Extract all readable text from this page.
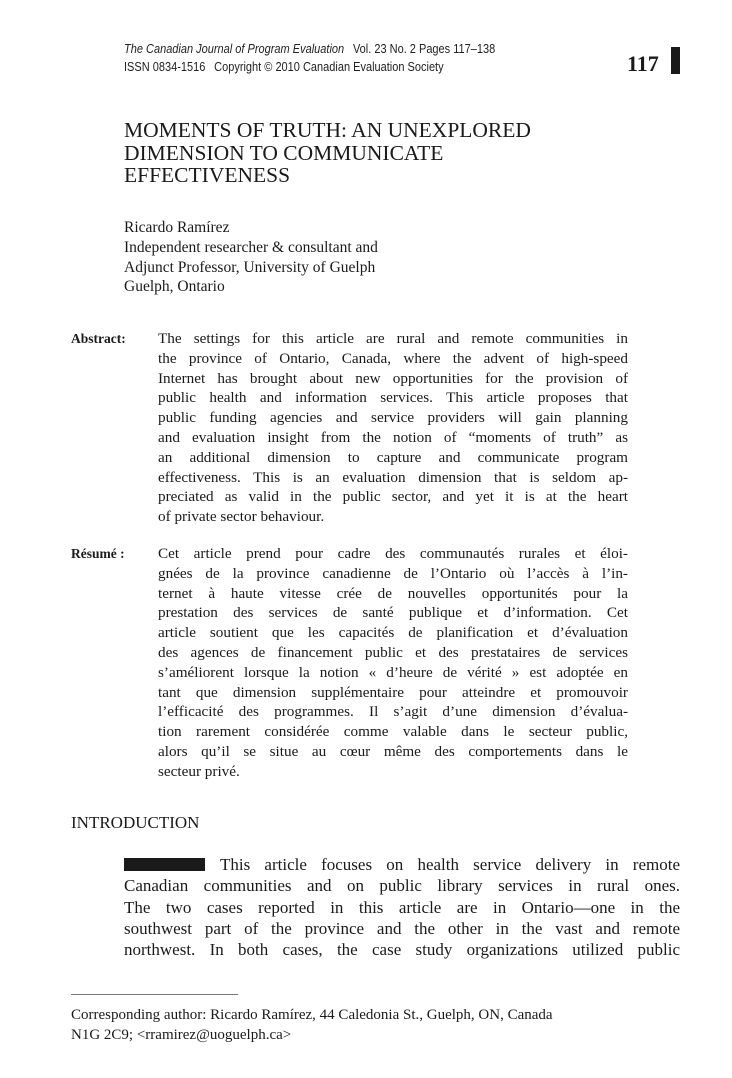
The Canadian Journal of Program Evaluation Vol. 23 No. 2 Pages 117–138
ISSN 0834-1516 Copyright © 2010 Canadian Evaluation Society	117
MOMENTS OF TRUTH: AN UNEXPLORED
DIMENSION TO COMMUNICATE
EFFECTIVENESS
Ricardo Ramírez
Independent researcher & consultant and
Adjunct Professor, University of Guelph
Guelph, Ontario
Abstract: The settings for this article are rural and remote communities in
the province of Ontario, Canada, where the advent of high-speed
Internet has brought about new opportunities for the provision of
public health and information services. This article proposes that
public funding agencies and service providers will gain planning
and evaluation insight from the notion of “moments of truth” as
an additional dimension to capture and communicate program
effectiveness. This is an evaluation dimension that is seldom ap-
preciated as valid in the public sector, and yet it is at the heart
of private sector behaviour.
Résumé : Cet article prend pour cadre des communautés rurales et éloi-
gnées de la province canadienne de l’Ontario où l’accès à l’in-
ternet à haute vitesse crée de nouvelles opportunités pour la
prestation des services de santé publique et d’information. Cet
article soutient que les capacités de planification et d’évaluation
des agences de financement public et des prestataires de services
s’améliorent lorsque la notion « d’heure de vérité » est adoptée en
tant que dimension supplémentaire pour atteindre et promouvoir
l’efficacité des programmes. Il s’agit d’une dimension d’évalua-
tion rarement considérée comme valable dans le secteur public,
alors qu’il se situe au cœur même des comportements dans le
secteur privé.
INTRODUCTION
This article focuses on health service delivery in remote
Canadian communities and on public library services in rural ones.
The two cases reported in this article are in Ontario—one in the
southwest part of the province and the other in the vast and remote
northwest. In both cases, the case study organizations utilized public
Corresponding author: Ricardo Ramírez, 44 Caledonia St., Guelph, ON, Canada
N1G 2C9; <rramirez@uoguelph.ca>
